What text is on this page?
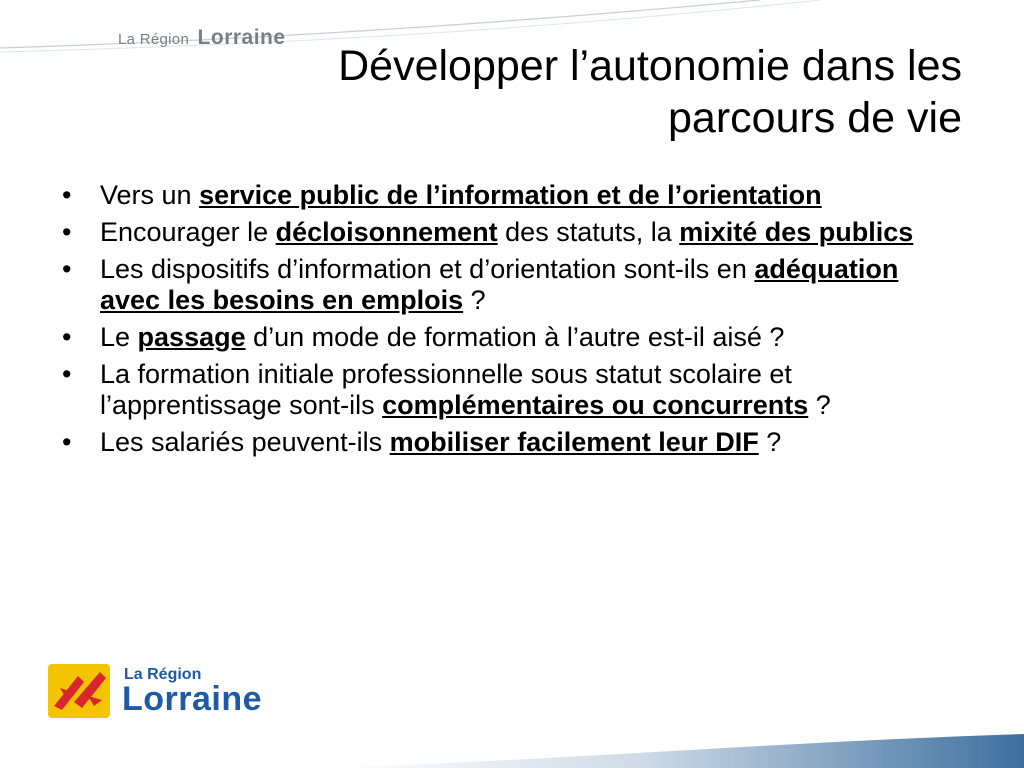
La Région Lorraine
Développer l’autonomie dans les
parcours de vie
• Vers un service public de l’information et de l’orientation
• Encourager le décloisonnement des statuts, la mixité des publics
• Les dispositifs d’information et d’orientation sont-ils en adéquation avec les besoins en emplois ?
• Le passage d’un mode de formation à l’autre est-il aisé ?
• La formation initiale professionnelle sous statut scolaire et l’apprentissage sont-ils complémentaires ou concurrents ?
• Les salariés peuvent-ils mobiliser facilement leur DIF ?
La Région
Lorraine
